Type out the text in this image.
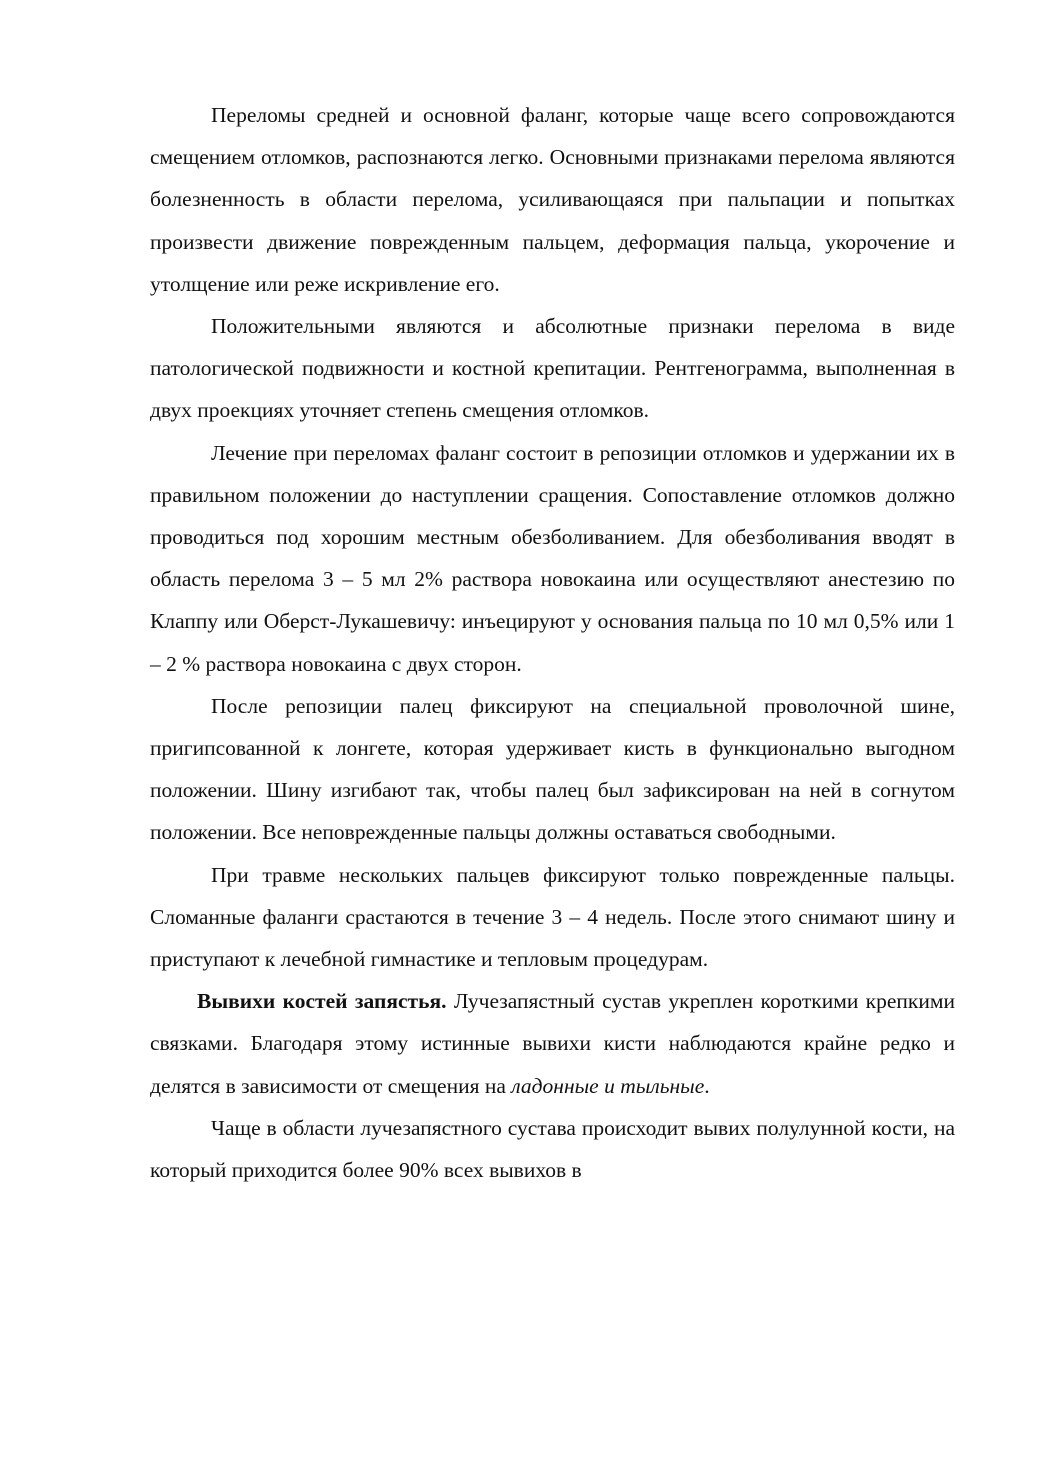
Переломы средней и основной фаланг, которые чаще всего сопровождаются смещением отломков, распознаются легко. Основными признаками перелома являются болезненность в области перелома, усиливающаяся при пальпации и попытках произвести движение поврежденным пальцем, деформация пальца, укорочение и утолщение или реже искривление его.

Положительными являются и абсолютные признаки перелома в виде патологической подвижности и костной крепитации. Рентгенограмма, выполненная в двух проекциях уточняет степень смещения отломков.

Лечение при переломах фаланг состоит в репозиции отломков и удержании их в правильном положении до наступлении сращения. Сопоставление отломков должно проводиться под хорошим местным обезболиванием. Для обезболивания вводят в область перелома 3 – 5 мл 2% раствора новокаина или осуществляют анестезию по Клаппу или Оберст-Лукашевичу: инъецируют у основания пальца по 10 мл 0,5% или 1 – 2 % раствора новокаина с двух сторон.

После репозиции палец фиксируют на специальной проволочной шине, пригипсованной к лонгете, которая удерживает кисть в функционально выгодном положении. Шину изгибают так, чтобы палец был зафиксирован на ней в согнутом положении. Все неповрежденные пальцы должны оставаться свободными.

При травме нескольких пальцев фиксируют только поврежденные пальцы. Сломанные фаланги срастаются в течение 3 – 4 недель. После этого снимают шину и приступают к лечебной гимнастике и тепловым процедурам.

Вывихи костей запястья. Лучезапястный сустав укреплен короткими крепкими связками. Благодаря этому истинные вывихи кисти наблюдаются крайне редко и делятся в зависимости от смещения на ладонные и тыльные.

Чаще в области лучезапястного сустава происходит вывих полулунной кости, на который приходится более 90% всех вывихов в
